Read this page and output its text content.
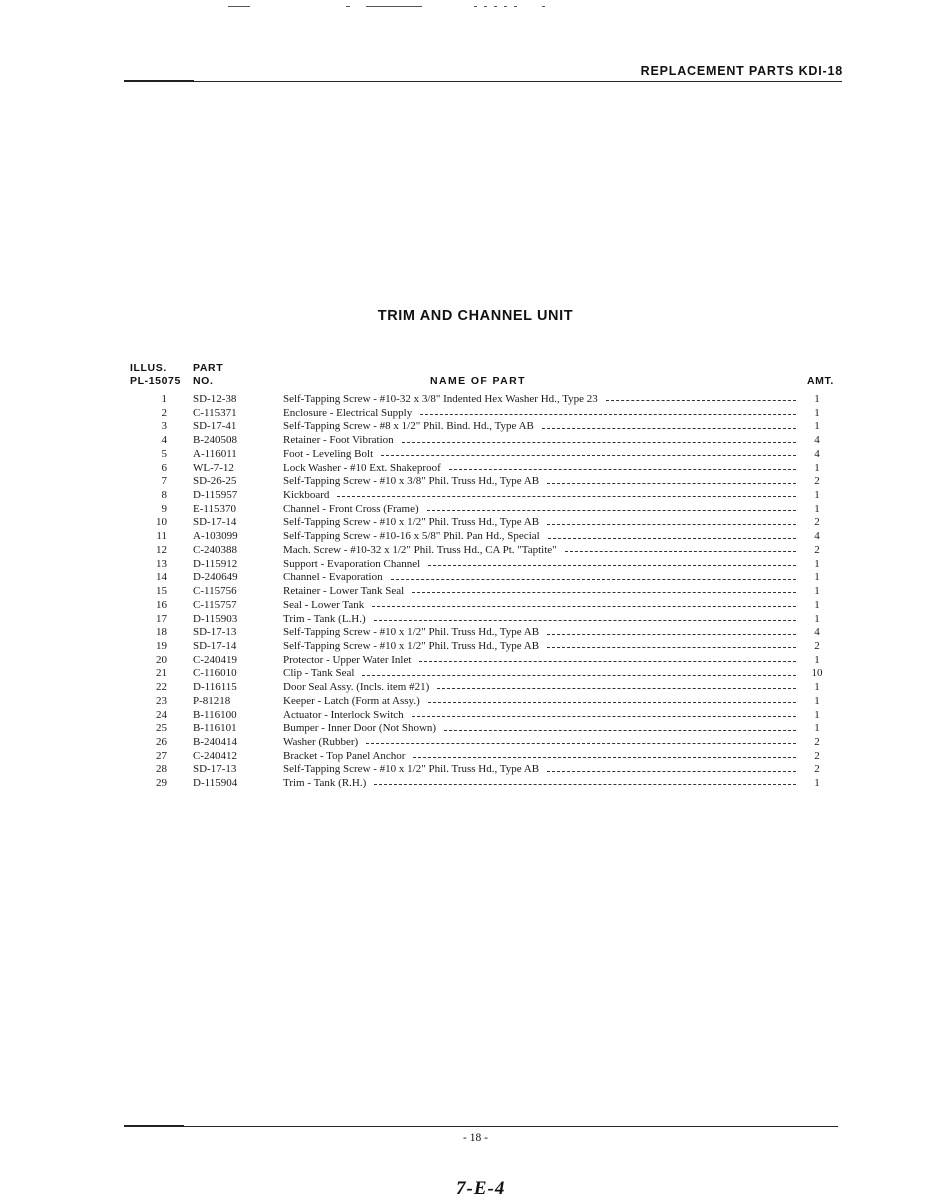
REPLACEMENT PARTS KDI-18
TRIM AND CHANNEL UNIT
ILLUS.
PL-15075
PART
NO.	NAME OF PART	AMT.
1 SD-12-38	Self-Tapping Screw - #10-32 x 3/8" Indented Hex Washer Hd., Type 23	1
2 C-115371	Enclosure - Electrical Supply	1
3 SD-17-41	Self-Tapping Screw - #8 x 1/2" Phil. Bind. Hd., Type AB	1
4 B-240508	Retainer - Foot Vibration	4
5 A-116011	Foot - Leveling Bolt	4
6 WL-7-12	Lock Washer - #10 Ext. Shakeproof	1
7 SD-26-25	Self-Tapping Screw - #10 x 3/8" Phil. Truss Hd., Type AB	2
8 D-115957	Kickboard	1
9 E-115370	Channel - Front Cross (Frame)	1
10 SD-17-14	Self-Tapping Screw - #10 x 1/2" Phil. Truss Hd., Type AB	2
11 A-103099	Self-Tapping Screw - #10-16 x 5/8" Phil. Pan Hd., Special	4
12 C-240388	Mach. Screw - #10-32 x 1/2" Phil. Truss Hd., CA Pt. "Taptite"	2
13 D-115912	Support - Evaporation Channel	1
14 D-240649	Channel - Evaporation	1
15 C-115756	Retainer - Lower Tank Seal	1
16 C-115757	Seal - Lower Tank	1
17 D-115903	Trim - Tank (L.H.)	1
18 SD-17-13	Self-Tapping Screw - #10 x 1/2" Phil. Truss Hd., Type AB	4
19 SD-17-14	Self-Tapping Screw - #10 x 1/2" Phil. Truss Hd., Type AB	2
20 C-240419	Protector - Upper Water Inlet	1
21 C-116010	Clip - Tank Seal	10
22 D-116115	Door Seal Assy. (Incls. item #21)	1
23 P-81218	Keeper - Latch (Form at Assy.)	1
24 B-116100	Actuator - Interlock Switch	1
25 B-116101	Bumper - Inner Door (Not Shown)	1
26 B-240414	Washer (Rubber)	2
27 C-240412	Bracket - Top Panel Anchor	2
28 SD-17-13	Self-Tapping Screw - #10 x 1/2" Phil. Truss Hd., Type AB	2
29 D-115904	Trim - Tank (R.H.)	1
- 18 -
7-E-4
